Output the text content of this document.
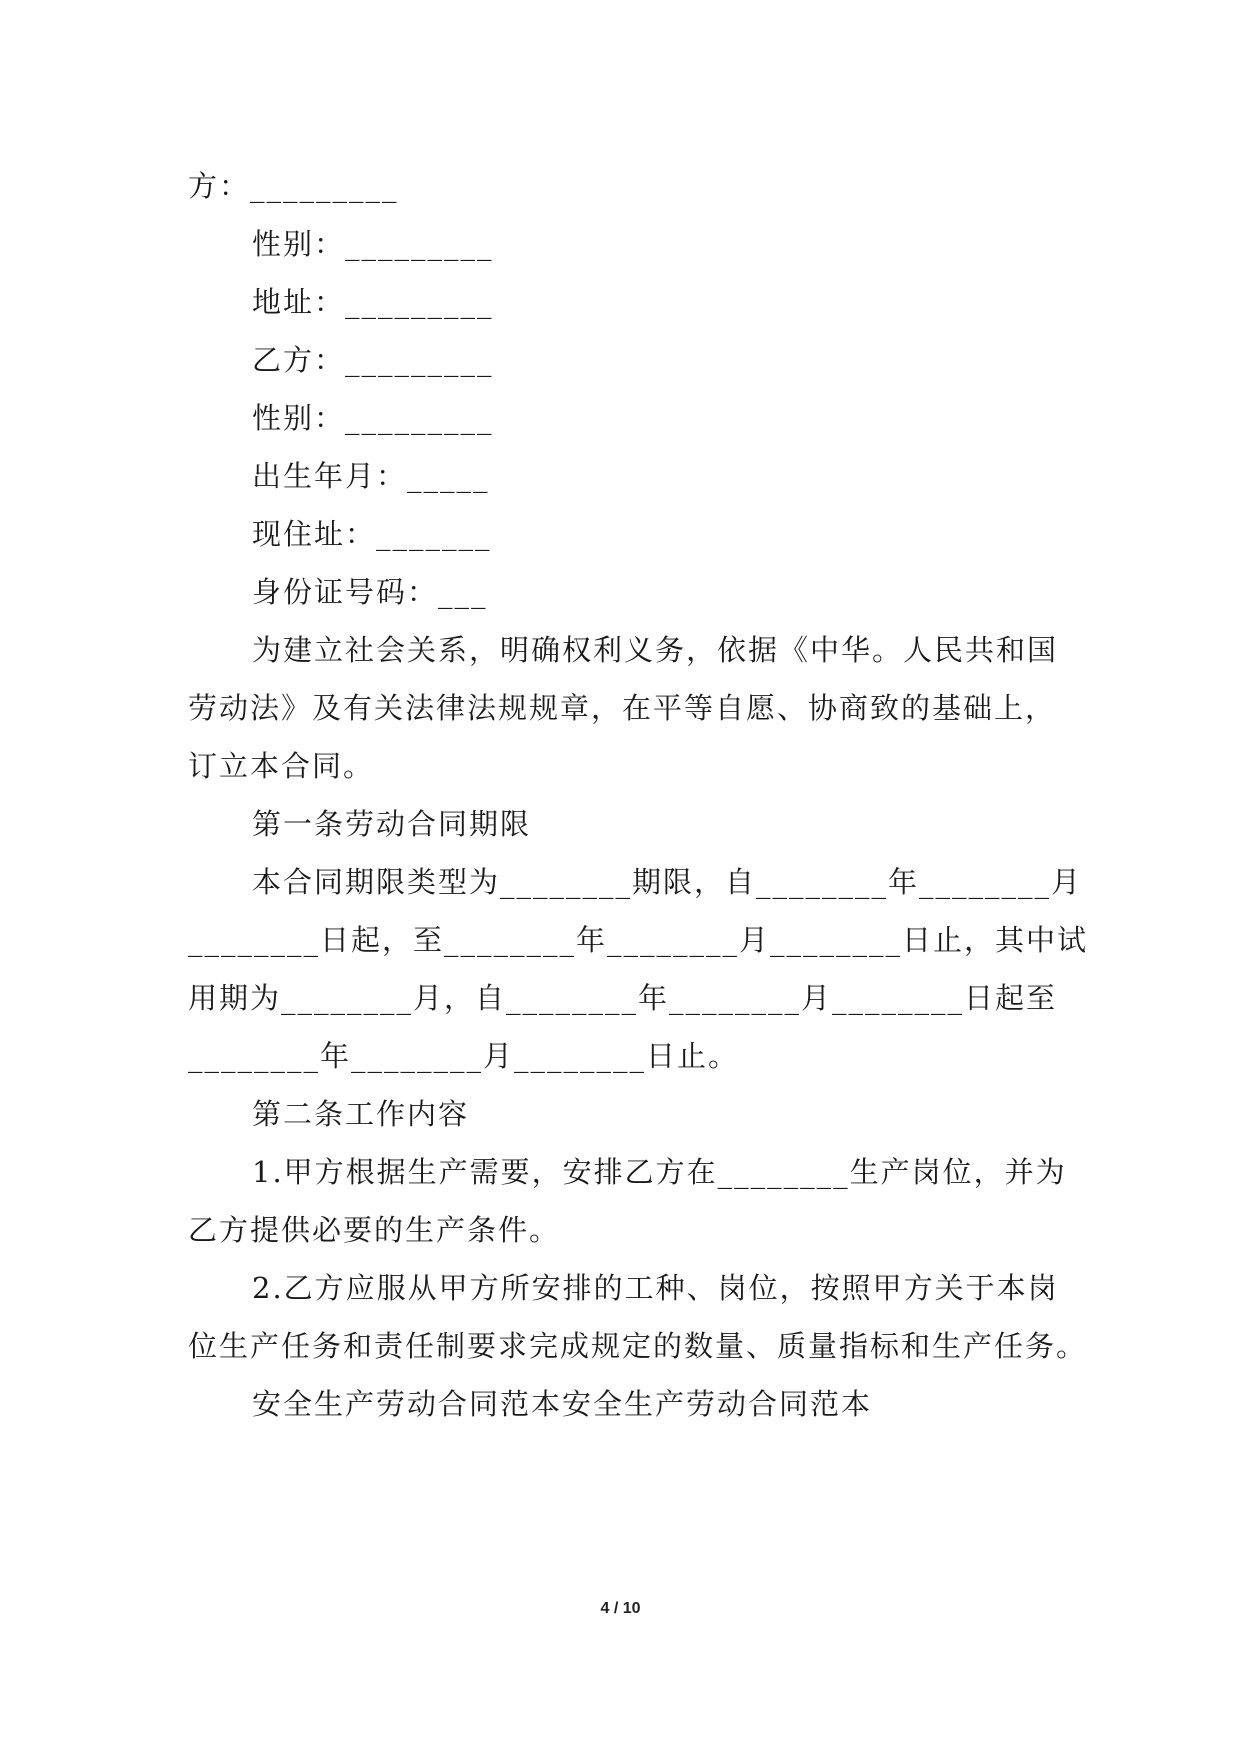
方：_________
性别：_________
地址：_________
乙方：_________
性别：_________
出生年月：_____
现住址：_______
身份证号码：___
为建立社会关系，明确权利义务，依据《中华。人民共和国
劳动法》及有关法律法规规章，在平等自愿、协商致的基础上，
订立本合同。
第一条劳动合同期限
本合同期限类型为________期限，自________年________月
________日起，至________年________月________日止，其中试
用期为________月，自________年________月________日起至
________年________月________日止。
第二条工作内容
1.甲方根据生产需要，安排乙方在________生产岗位，并为
乙方提供必要的生产条件。
2.乙方应服从甲方所安排的工种、岗位，按照甲方关于本岗
位生产任务和责任制要求完成规定的数量、质量指标和生产任务。
安全生产劳动合同范本安全生产劳动合同范本
4 / 10
